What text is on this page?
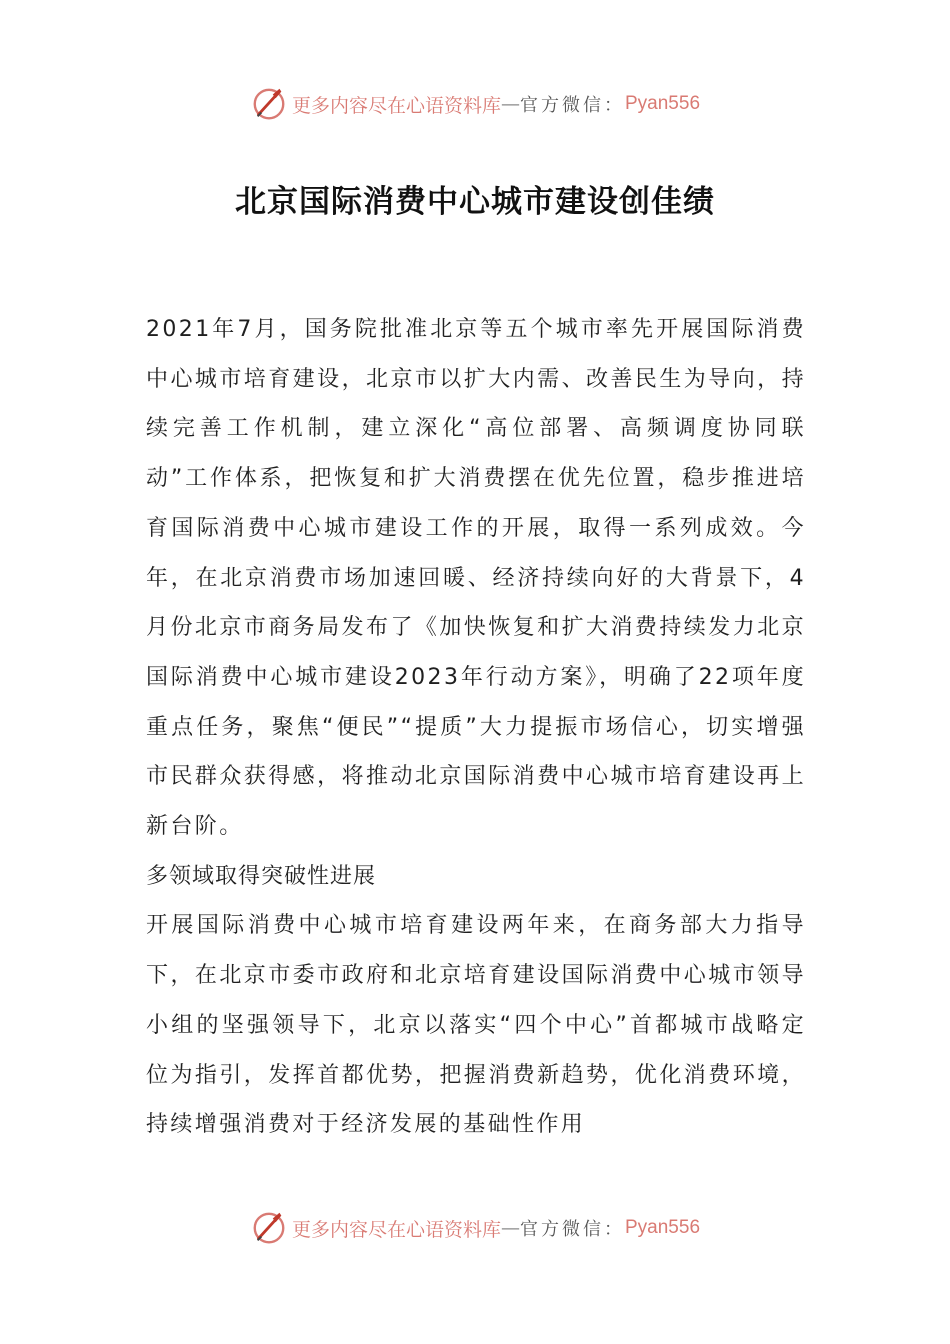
更多内容尽在心语资料库 — 官方微信： Pyan556
北京国际消费中心城市建设创佳绩

2021年7月，国务院批准北京等五个城市率先开展国际消费中心城市培育建设，北京市以扩大内需、改善民生为导向，持续完善工作机制，建立深化“高位部署、高频调度协同联动”工作体系，把恢复和扩大消费摆在优先位置，稳步推进培育国际消费中心城市建设工作的开展，取得一系列成效。今年，在北京消费市场加速回暖、经济持续向好的大背景下，4月份北京市商务局发布了《加快恢复和扩大消费持续发力北京国际消费中心城市建设2023年行动方案》，明确了22项年度重点任务，聚焦“便民”“提质”大力提振市场信心，切实增强市民群众获得感，将推动北京国际消费中心城市培育建设再上新台阶。

多领域取得突破性进展

开展国际消费中心城市培育建设两年来，在商务部大力指导下，在北京市委市政府和北京培育建设国际消费中心城市领导小组的坚强领导下，北京以落实“四个中心”首都城市战略定位为指引，发挥首都优势，把握消费新趋势，优化消费环境，持续增强消费对于经济发展的基础性作用

更多内容尽在心语资料库 — 官方微信： Pyan556
